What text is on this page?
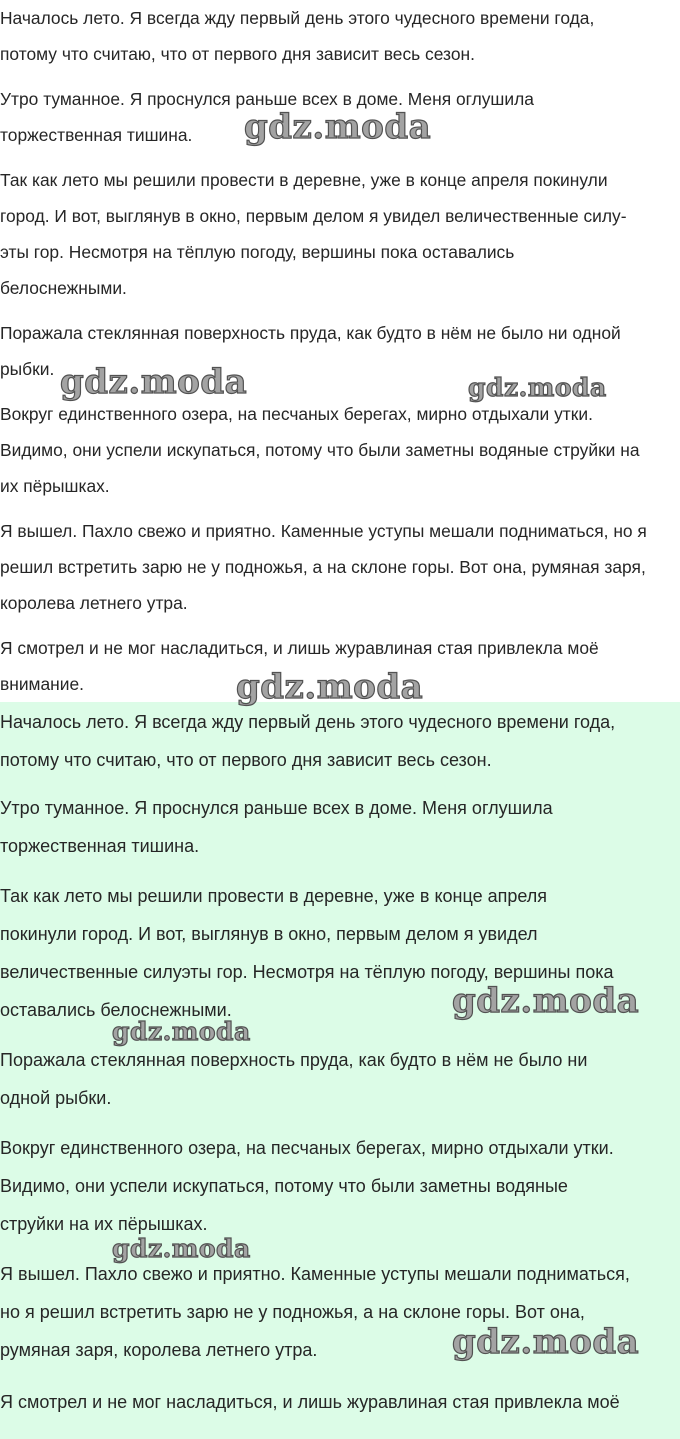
Началось лето. Я всегда жду первый день этого чудесного времени года,
потому что считаю, что от первого дня зависит весь сезон.
Утро туманное. Я проснулся раньше всех в доме. Меня оглушила
торжественная тишина.
Так как лето мы решили провести в деревне, уже в конце апреля покинули
город. И вот, выглянув в окно, первым делом я увидел величественные силу-
эты гор. Несмотря на тёплую погоду, вершины пока оставались
белоснежными.
Поражала стеклянная поверхность пруда, как будто в нём не было ни одной
рыбки.
Вокруг единственного озера, на песчаных берегах, мирно отдыхали утки.
Видимо, они успели искупаться, потому что были заметны водяные струйки на
их пёрышках.
Я вышел. Пахло свежо и приятно. Каменные уступы мешали подниматься, но я
решил встретить зарю не у подножья, а на склоне горы. Вот она, румяная заря,
королева летнего утра.
Я смотрел и не мог насладиться, и лишь журавлиная стая привлекла моё
внимание.
Началось лето. Я всегда жду первый день этого чудесного времени года,
потому что считаю, что от первого дня зависит весь сезон.
Утро туманное. Я проснулся раньше всех в доме. Меня оглушила
торжественная тишина.
Так как лето мы решили провести в деревне, уже в конце апреля
покинули город. И вот, выглянув в окно, первым делом я увидел
величественные силуэты гор. Несмотря на тёплую погоду, вершины пока
оставались белоснежными.
Поражала стеклянная поверхность пруда, как будто в нём не было ни
одной рыбки.
Вокруг единственного озера, на песчаных берегах, мирно отдыхали утки.
Видимо, они успели искупаться, потому что были заметны водяные
струйки на их пёрышках.
Я вышел. Пахло свежо и приятно. Каменные уступы мешали подниматься,
но я решил встретить зарю не у подножья, а на склоне горы. Вот она,
румяная заря, королева летнего утра.
Я смотрел и не мог насладиться, и лишь журавлиная стая привлекла моё
gdz.moda
gdz.moda	gdz.moda
gdz.moda
gdz.moda
gdz.moda
gdz.moda
gdz.moda
